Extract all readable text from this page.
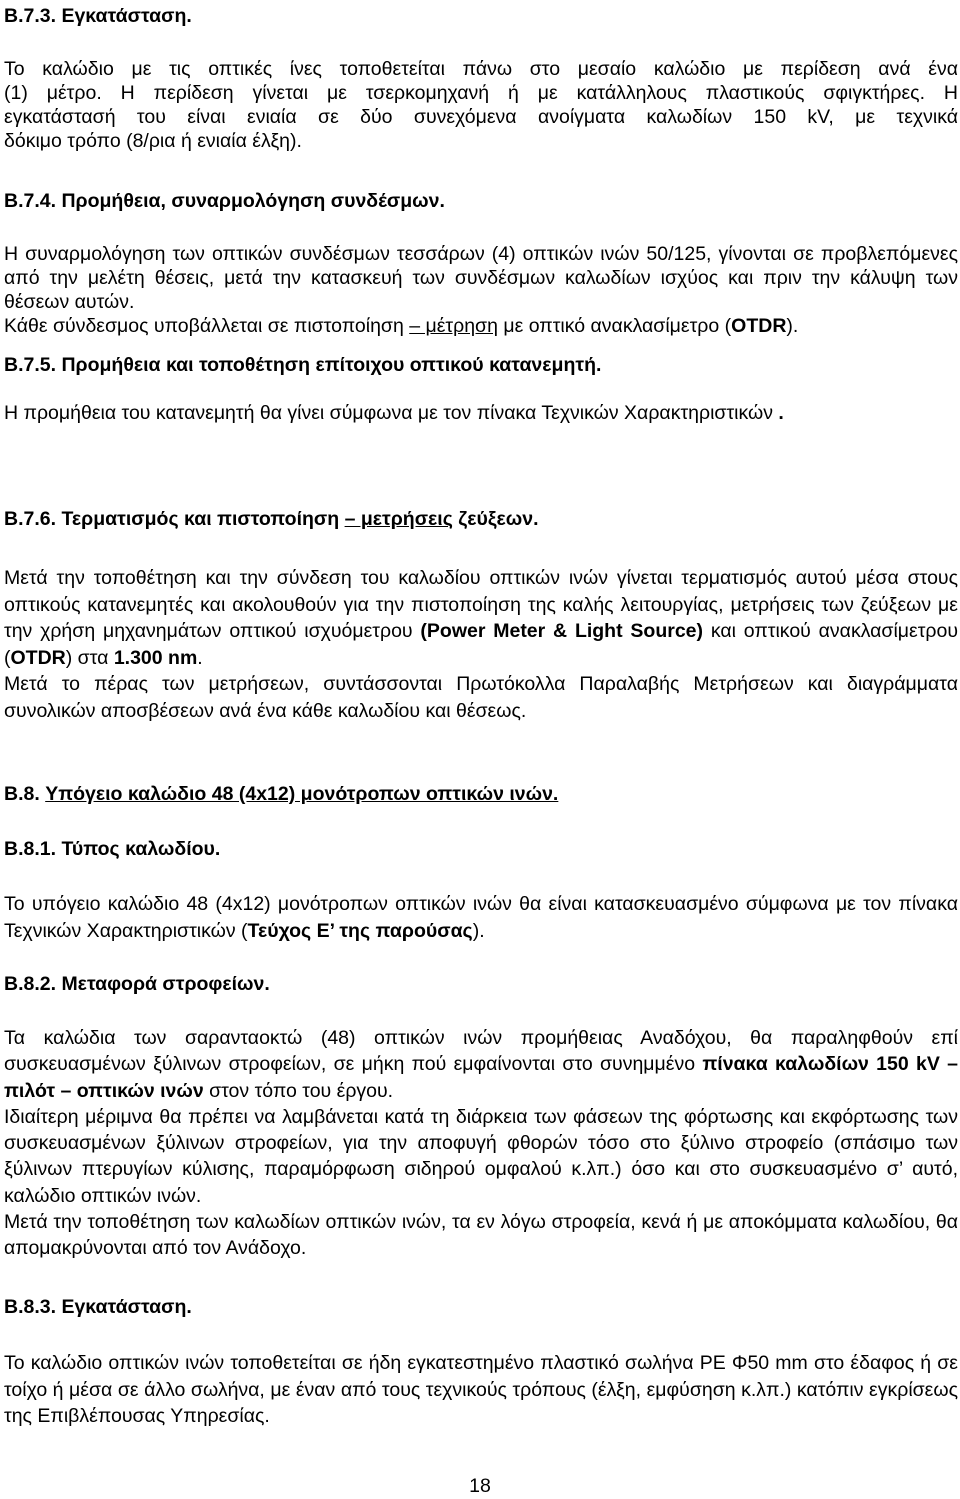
B.7.3. Εγκατάσταση.

Το καλώδιο με τις οπτικές ίνες τοποθετείται πάνω στο μεσαίο καλώδιο με περίδεση ανά ένα

(1) μέτρο. Η περίδεση γίνεται με τσερκομηχανή ή με κατάλληλους πλαστικούς σφιγκτήρες. Η

εγκατάστασή του είναι ενιαία σε δύο συνεχόμενα ανοίγματα καλωδίων 150 kV, με τεχνικά

δόκιμο τρόπο (8/ρια ή ενιαία έλξη).

B.7.4. Προμήθεια, συναρμολόγηση συνδέσμων.

Η συναρμολόγηση των οπτικών συνδέσμων τεσσάρων (4) οπτικών ινών 50/125, γίνονται σε προβλεπόμενες από την μελέτη θέσεις, μετά την κατασκευή των συνδέσμων καλωδίων ισχύος και πριν την κάλυψη των θέσεων αυτών.

Κάθε σύνδεσμος υποβάλλεται σε πιστοποίηση – μέτρηση με οπτικό ανακλασίμετρο (OTDR).

B.7.5. Προμήθεια και τοποθέτηση επίτοιχου οπτικού κατανεμητή.

Η προμήθεια του κατανεμητή θα γίνει σύμφωνα με τον πίνακα Τεχνικών Χαρακτηριστικών .

B.7.6. Τερματισμός και πιστοποίηση – μετρήσεις ζεύξεων.

Μετά την τοποθέτηση και την σύνδεση του καλωδίου οπτικών ινών γίνεται τερματισμός αυτού μέσα στους οπτικούς κατανεμητές και ακολουθούν για την πιστοποίηση της καλής λειτουργίας, μετρήσεις των ζεύξεων με την χρήση μηχανημάτων οπτικού ισχυόμετρου (Power Meter & Light Source) και οπτικού ανακλασίμετρου (OTDR) στα 1.300 nm.

Μετά το πέρας των μετρήσεων, συντάσσονται Πρωτόκολλα Παραλαβής Μετρήσεων και διαγράμματα συνολικών αποσβέσεων ανά ένα κάθε καλωδίου και θέσεως.

B.8. Υπόγειο καλώδιο 48 (4x12) μονότροπων οπτικών ινών.

B.8.1. Τύπος καλωδίου.

Το υπόγειο καλώδιο 48 (4x12) μονότροπων οπτικών ινών θα είναι κατασκευασμένο σύμφωνα με τον πίνακα Τεχνικών Χαρακτηριστικών (Τεύχος Ε’ της παρούσας).

B.8.2. Μεταφορά στροφείων.

Τα καλώδια των σαρανταοκτώ (48) οπτικών ινών προμήθειας Αναδόχου, θα παραληφθούν επί συσκευασμένων ξύλινων στροφείων, σε μήκη πού εμφαίνονται στο συνημμένο πίνακα καλωδίων 150 kV – πιλότ – οπτικών ινών στον τόπο του έργου.

Ιδιαίτερη μέριμνα θα πρέπει να λαμβάνεται κατά τη διάρκεια των φάσεων της φόρτωσης και εκφόρτωσης των συσκευασμένων ξύλινων στροφείων, για την αποφυγή φθορών τόσο στο ξύλινο στροφείο (σπάσιμο των ξύλινων πτερυγίων κύλισης, παραμόρφωση σιδηρού ομφαλού κ.λπ.) όσο και στο συσκευασμένο σ’ αυτό, καλώδιο οπτικών ινών.

Μετά την τοποθέτηση των καλωδίων οπτικών ινών, τα εν λόγω στροφεία, κενά ή με αποκόμματα καλωδίου, θα απομακρύνονται από τον Ανάδοχο.

B.8.3. Εγκατάσταση.

Το καλώδιο οπτικών ινών τοποθετείται σε ήδη εγκατεστημένο πλαστικό σωλήνα PE Φ50 mm στο έδαφος ή σε τοίχο ή μέσα σε άλλο σωλήνα, με έναν από τους τεχνικούς τρόπους (έλξη, εμφύσηση κ.λπ.) κατόπιν εγκρίσεως της Επιβλέπουσας Υπηρεσίας.

18
